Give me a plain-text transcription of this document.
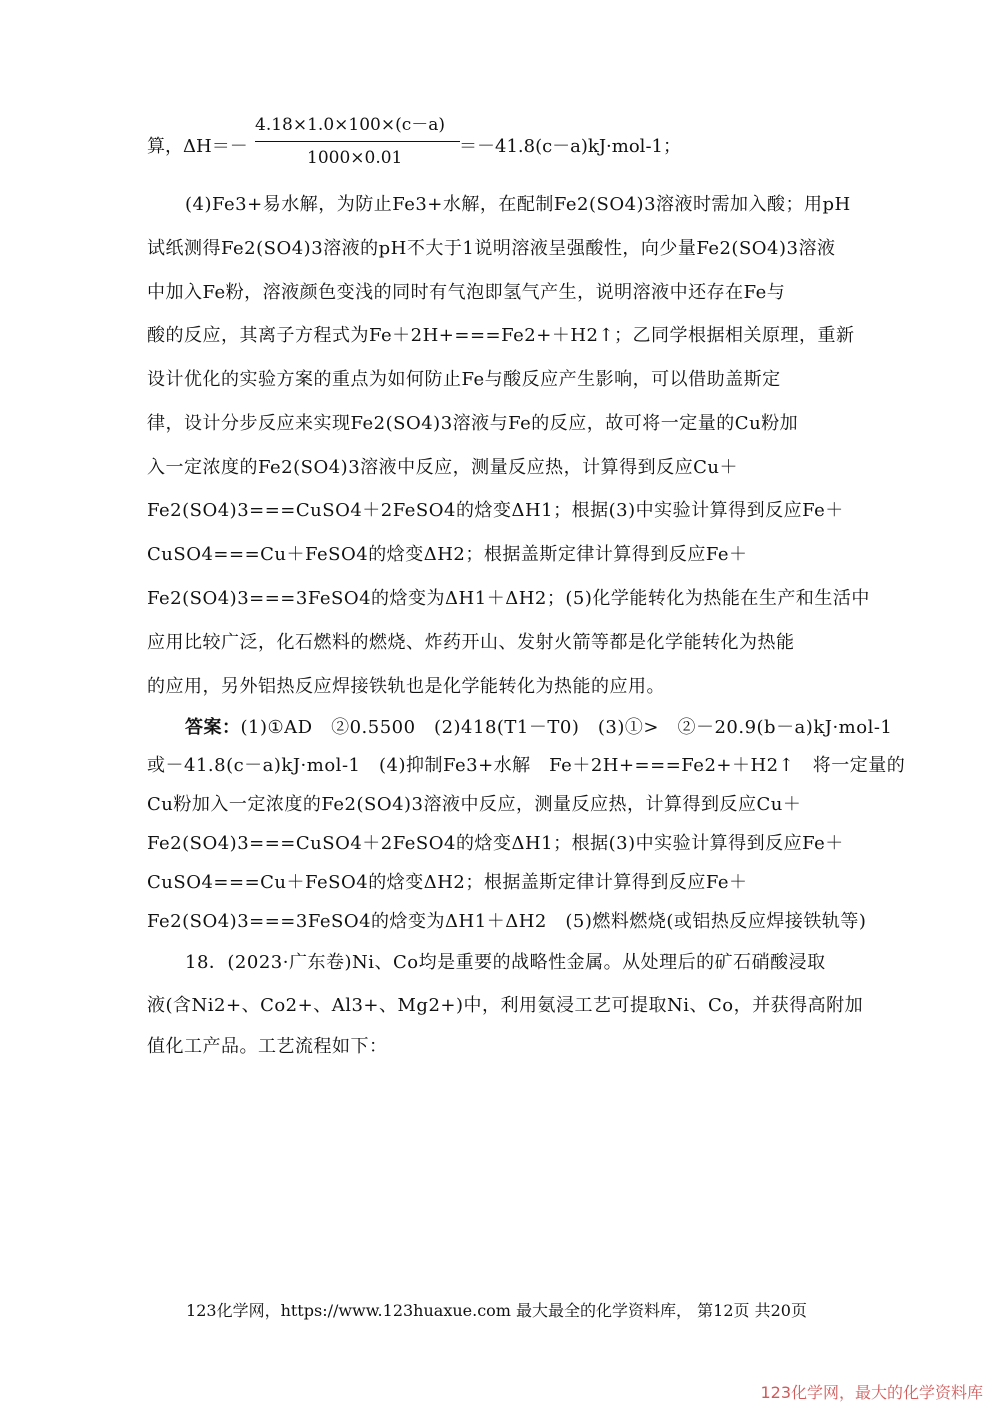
算，ΔH＝－
4.18×1.0×100×(c－a)
1000×0.01
＝－41.8(c－a)kJ·mol-1；
(4)Fe3+易水解，为防止Fe3+水解，在配制Fe2(SO4)3溶液时需加入酸；用pH
试纸测得Fe2(SO4)3溶液的pH不大于1说明溶液呈强酸性，向少量Fe2(SO4)3溶液
中加入Fe粉，溶液颜色变浅的同时有气泡即氢气产生，说明溶液中还存在Fe与
酸的反应，其离子方程式为Fe＋2H+===Fe2+＋H2↑；乙同学根据相关原理，重新
设计优化的实验方案的重点为如何防止Fe与酸反应产生影响，可以借助盖斯定
律，设计分步反应来实现Fe2(SO4)3溶液与Fe的反应，故可将一定量的Cu粉加
入一定浓度的Fe2(SO4)3溶液中反应，测量反应热，计算得到反应Cu＋
Fe2(SO4)3===CuSO4＋2FeSO4的焓变ΔH1；根据(3)中实验计算得到反应Fe＋
CuSO4===Cu＋FeSO4的焓变ΔH2；根据盖斯定律计算得到反应Fe＋
Fe2(SO4)3===3FeSO4的焓变为ΔH1＋ΔH2；(5)化学能转化为热能在生产和生活中
应用比较广泛，化石燃料的燃烧、炸药开山、发射火箭等都是化学能转化为热能
的应用，另外铝热反应焊接铁轨也是化学能转化为热能的应用。
答案：(1)①AD　②0.5500　(2)418(T1－T0)　(3)①>　②－20.9(b－a)kJ·mol-1
或－41.8(c－a)kJ·mol-1　(4)抑制Fe3+水解　Fe＋2H+===Fe2+＋H2↑　将一定量的
Cu粉加入一定浓度的Fe2(SO4)3溶液中反应，测量反应热，计算得到反应Cu＋
Fe2(SO4)3===CuSO4＋2FeSO4的焓变ΔH1；根据(3)中实验计算得到反应Fe＋
CuSO4===Cu＋FeSO4的焓变ΔH2；根据盖斯定律计算得到反应Fe＋
Fe2(SO4)3===3FeSO4的焓变为ΔH1＋ΔH2　(5)燃料燃烧(或铝热反应焊接铁轨等)
18．(2023·广东卷)Ni、Co均是重要的战略性金属。从处理后的矿石硝酸浸取
液(含Ni2+、Co2+、Al3+、Mg2+)中，利用氨浸工艺可提取Ni、Co，并获得高附加
值化工产品。工艺流程如下：
123化学网，https://www.123huaxue.com 最大最全的化学资料库， 第12页 共20页
123化学网，最大的化学资料库
